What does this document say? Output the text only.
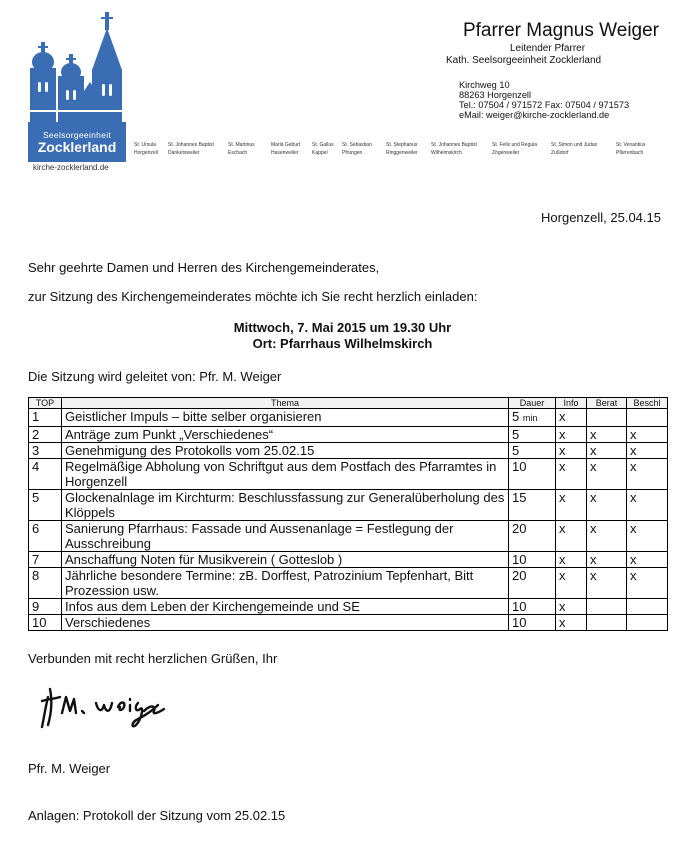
Seelsorgeeinheit
Zocklerland
kirche-zocklerland.de
St. Ursula
Horgenzell
St. Johannes Baptist
Danketsweiler
St. Martinus
Eschach
Mariä Geburt
Hasenweiler
St. Gallus
Kappel
St. Sebastian
Pfrungen
St. Stephanus
Ringgenweiler
St. Johannes Baptist
Wilhelmskirch
St. Felix und Regula
Zögenweiler
St. Simon und Judas
Zußdorf
St. Venantius
Pfärrenbach
Pfarrer Magnus Weiger
Leitender Pfarrer
Kath. Seelsorgeeinheit Zocklerland
Kirchweg 10
88263 Horgenzell
Tel.: 07504 / 971572 Fax: 07504 / 971573
eMail: weiger@kirche-zocklerland.de
Horgenzell, 25.04.15
Sehr geehrte Damen und Herren des Kirchengemeinderates,
zur Sitzung des Kirchengemeinderates möchte ich Sie recht herzlich einladen:
Mittwoch, 7. Mai 2015 um 19.30 Uhr
Ort: Pfarrhaus Wilhelmskirch
Die Sitzung wird geleitet von: Pfr. M. Weiger
TOP	Thema	Dauer	Info	Berat	Beschl
1	Geistlicher Impuls – bitte selber organisieren	5 min	x		
2	Anträge zum Punkt „Verschiedenes“	5	x	x	x
3	Genehmigung des Protokolls vom 25.02.15	5	x	x	x
4	Regelmäßige Abholung von Schriftgut aus dem Postfach des Pfarramtes in Horgenzell	10	x	x	x
5	Glockenalnlage im Kirchturm: Beschlussfassung zur Generalüberholung des Klöppels	15	x	x	x
6	Sanierung Pfarrhaus: Fassade und Aussenanlage = Festlegung der Ausschreibung	20	x	x	x
7	Anschaffung Noten für Musikverein ( Gotteslob )	10	x	x	x
8	Jährliche besondere Termine: zB. Dorffest, Patrozinium Tepfenhart, Bitt Prozession usw.	20	x	x	x
9	Infos aus dem Leben der Kirchengemeinde und SE	10	x		
10	Verschiedenes	10	x		
Verbunden mit recht herzlichen Grüßen, Ihr
Pfr. M. Weiger
Anlagen: Protokoll der Sitzung vom 25.02.15
